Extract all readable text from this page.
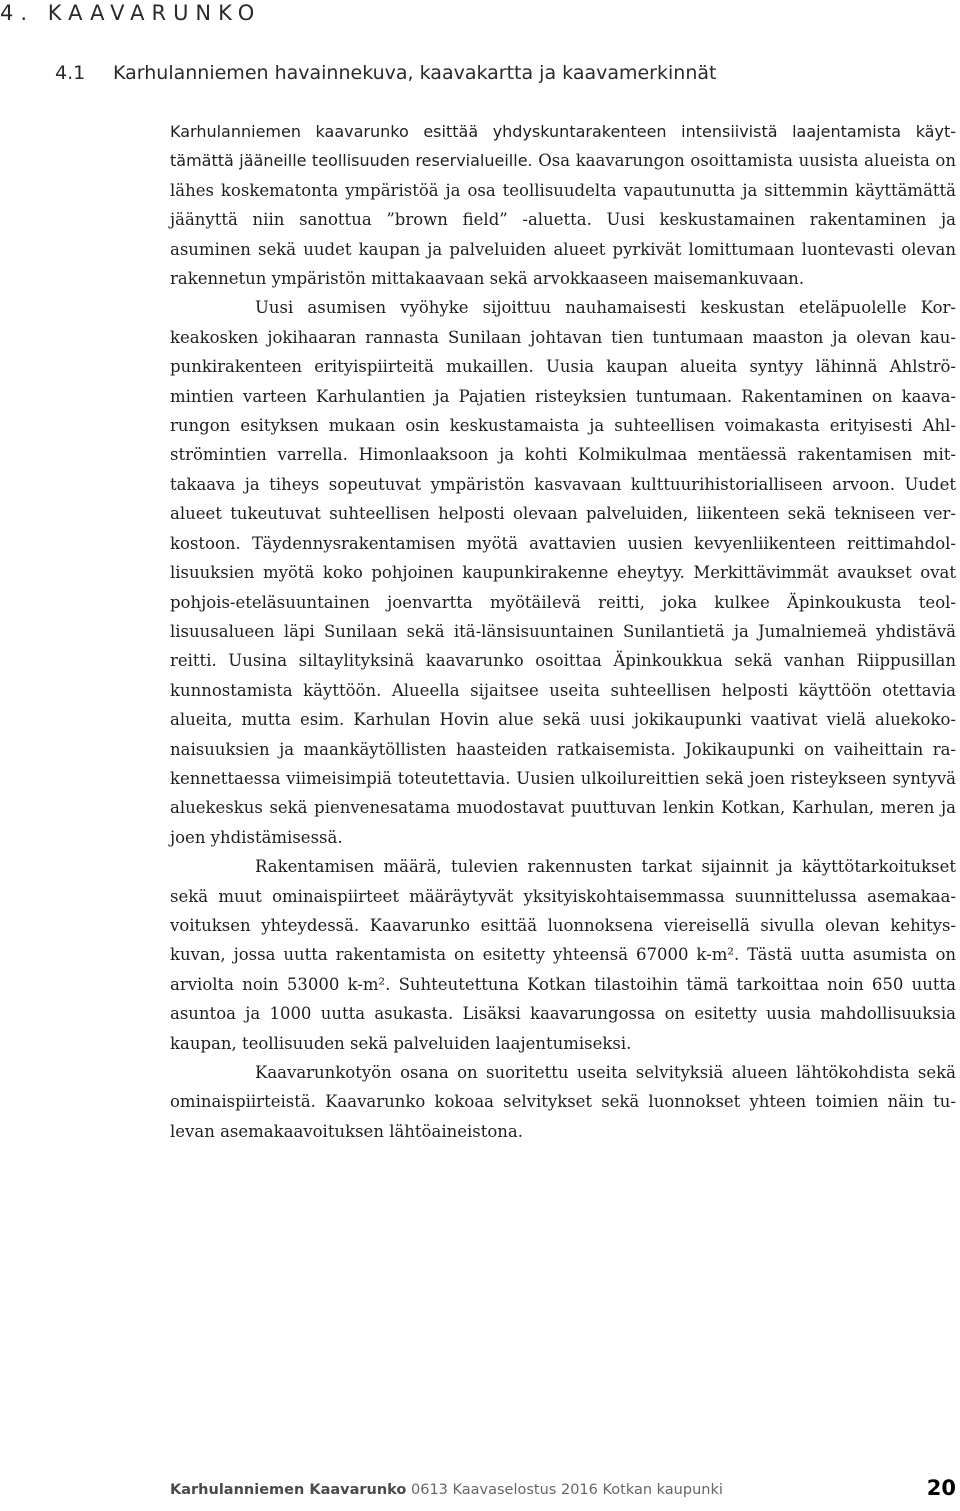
4. KAAVARUNKO
4.1 Karhulanniemen havainnekuva, kaavakartta ja kaavamerkinnät

Karhulanniemen kaavarunko esittää yhdyskuntarakenteen intensiivistä laajentamista käyttämättä jääneille teollisuuden reservialueille. Osa kaavarungon osoittamista uusista alueista on lähes koskematonta ympäristöä ja osa teollisuudelta vapautunutta ja sittemmin käyttämättä jäänyttä niin sanottua ”brown field” -aluetta. Uusi keskustamainen rakentaminen ja asuminen sekä uudet kaupan ja palveluiden alueet pyrkivät lomittumaan luontevasti olevan rakennetun ympäristön mittakaavaan sekä arvokkaaseen maisemankuvaan.

Uusi asumisen vyöhyke sijoittuu nauhamaisesti keskustan eteläpuolelle Korkeakosken jokihaaran rannasta Sunilaan johtavan tien tuntumaan maaston ja olevan kaupunkirakenteen erityispiirteitä mukaillen. Uusia kaupan alueita syntyy lähinnä Ahlströmintien varteen Karhulantien ja Pajatien risteyksien tuntumaan. Rakentaminen on kaavarungon esityksen mukaan osin keskustamaista ja suhteellisen voimakasta erityisesti Ahlströmintien varrella. Himonlaaksoon ja kohti Kolmikulmaa mentäessä rakentamisen mittakaava ja tiheys sopeutuvat ympäristön kasvavaan kulttuurihistorialliseen arvoon. Uudet alueet tukeutuvat suhteellisen helposti olevaan palveluiden, liikenteen sekä tekniseen verkostoon. Täydennysrakentamisen myötä avattavien uusien kevyenliikenteen reittimahdollisuuksien myötä koko pohjoinen kaupunkirakenne eheytyy. Merkittävimmät avaukset ovat pohjois-eteläsuuntainen joenvartta myötäilevä reitti, joka kulkee Äpinkoukusta teollisuusalueen läpi Sunilaan sekä itä-länsisuuntainen Sunilantietä ja Jumalniemeä yhdistävä reitti. Uusina siltaylityksinä kaavarunko osoittaa Äpinkoukkua sekä vanhan Riippusillan kunnostamista käyttöön. Alueella sijaitsee useita suhteellisen helposti käyttöön otettavia alueita, mutta esim. Karhulan Hovin alue sekä uusi jokikaupunki vaativat vielä aluekokonaisuuksien ja maankäytöllisten haasteiden ratkaisemista. Jokikaupunki on vaiheittain rakennettaessa viimeisimpiä toteutettavia. Uusien ulkoilureittien sekä joen risteykseen syntyvä aluekeskus sekä pienvenesatama muodostavat puuttuvan lenkin Kotkan, Karhulan, meren ja joen yhdistämisessä.

Rakentamisen määrä, tulevien rakennusten tarkat sijainnit ja käyttötarkoitukset sekä muut ominaispiirteet määräytyvät yksityiskohtaisemmassa suunnittelussa asemakaavoituksen yhteydessä. Kaavarunko esittää luonnoksena viereisellä sivulla olevan kehityskuvan, jossa uutta rakentamista on esitetty yhteensä 67000 k-m². Tästä uutta asumista on arviolta noin 53000 k-m². Suhteutettuna Kotkan tilastoihin tämä tarkoittaa noin 650 uutta asuntoa ja 1000 uutta asukasta. Lisäksi kaavarungossa on esitetty uusia mahdollisuuksia kaupan, teollisuuden sekä palveluiden laajentumiseksi.

Kaavarunkotyön osana on suoritettu useita selvityksiä alueen lähtökohdista sekä ominaispiirteistä. Kaavarunko kokoaa selvitykset sekä luonnokset yhteen toimien näin tulevan asemakaavoituksen lähtöaineistona.

Karhulanniemen Kaavarunko 0613 Kaavaselostus 2016 Kotkan kaupunki	20
